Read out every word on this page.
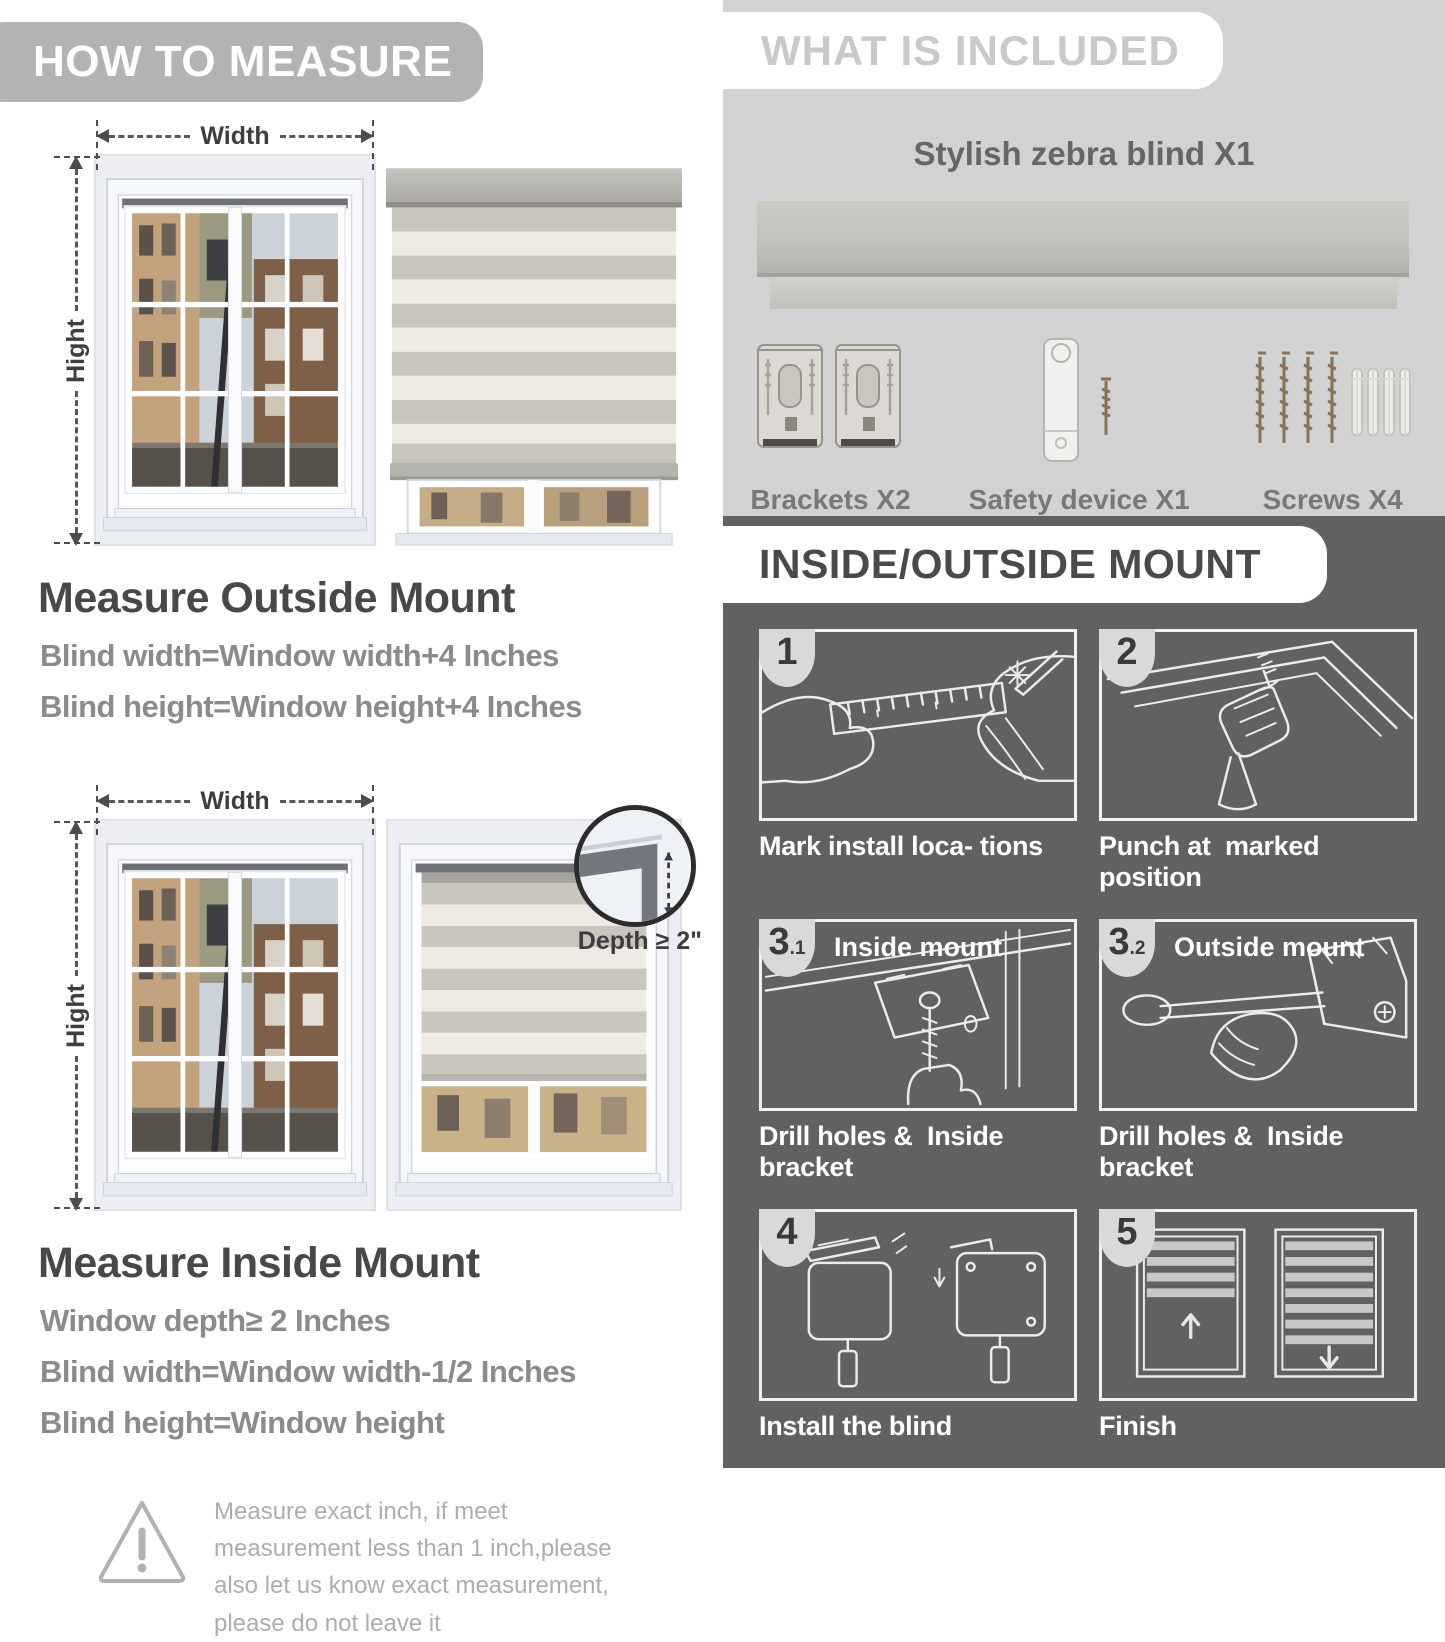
HOW TO MEASURE
Width
Hight
Measure Outside Mount
Blind width=Window width+4 Inches
Blind height=Window height+4 Inches
Width
Hight
Depth ≥ 2"
Measure Inside Mount
Window depth≥ 2 Inches
Blind width=Window width-1/2 Inches
Blind height=Window height
Measure exact inch, if meet measurement less than 1 inch,please also let us know exact measurement, please do not leave it
WHAT IS INCLUDED
Stylish zebra blind X1
Brackets X2 Safety device X1	Screws X4
INSIDE/OUTSIDE MOUNT
1
Mark install loca- tions
2
Punch at  marked position
3 .1 Inside mount
Drill holes &  Inside bracket
3 .2 Outside mount
Drill holes &  Inside bracket
4
Install the blind
5
Finish
